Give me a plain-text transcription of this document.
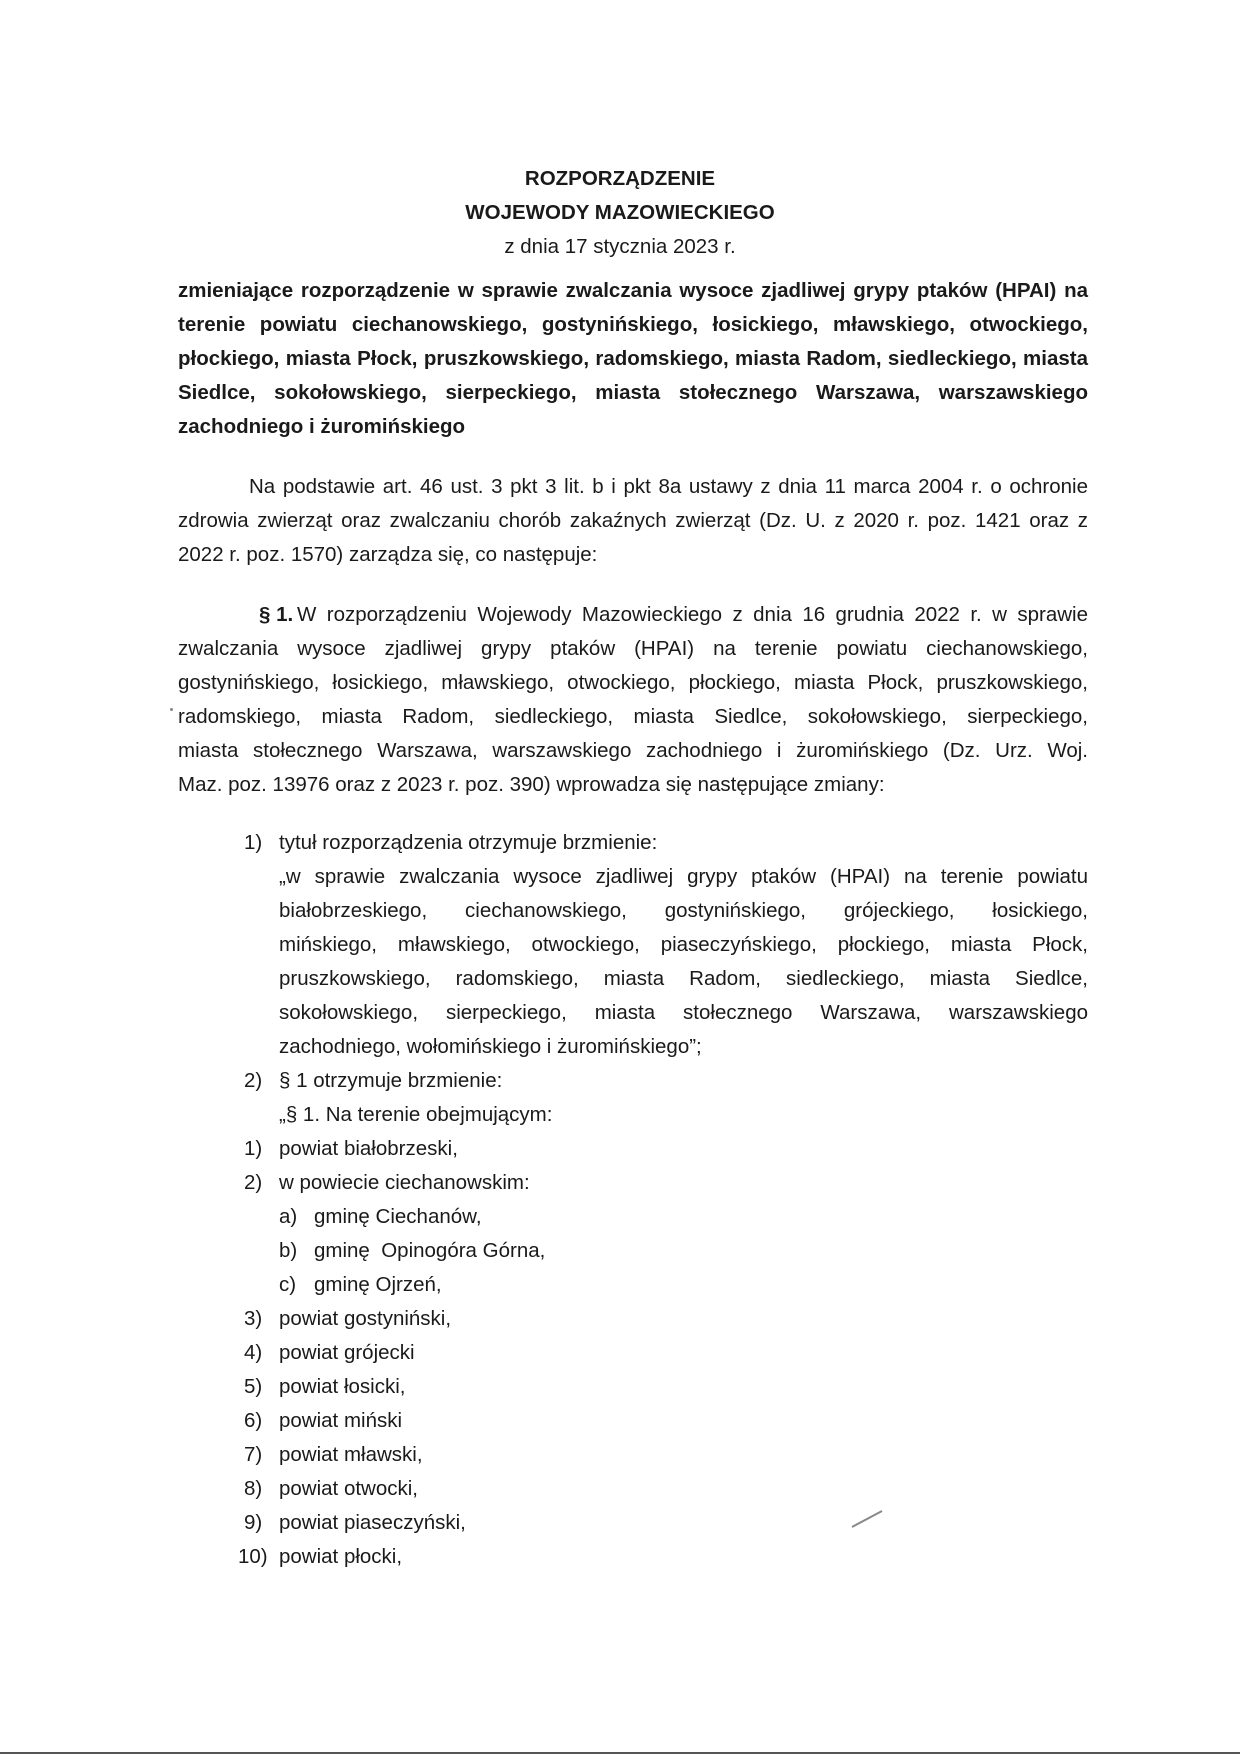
ROZPORZĄDZENIE
WOJEWODY MAZOWIECKIEGO
z dnia 17 stycznia 2023 r.
zmieniające rozporządzenie w sprawie zwalczania wysoce zjadliwej grypy ptaków (HPAI) na
terenie powiatu ciechanowskiego, gostynińskiego, łosickiego, mławskiego, otwockiego,
płockiego, miasta Płock, pruszkowskiego, radomskiego, miasta Radom, siedleckiego, miasta
Siedlce, sokołowskiego, sierpeckiego, miasta stołecznego Warszawa, warszawskiego
zachodniego i żuromińskiego
Na podstawie art. 46 ust. 3 pkt 3 lit. b i pkt 8a ustawy z dnia 11 marca 2004 r. o ochronie
zdrowia zwierząt oraz zwalczaniu chorób zakaźnych zwierząt (Dz. U. z 2020 r. poz. 1421 oraz z
2022 r. poz. 1570) zarządza się, co następuje:
§ 1. W rozporządzeniu Wojewody Mazowieckiego z dnia 16 grudnia 2022 r. w sprawie
zwalczania wysoce zjadliwej grypy ptaków (HPAI) na terenie powiatu ciechanowskiego,
gostynińskiego, łosickiego, mławskiego, otwockiego, płockiego, miasta Płock, pruszkowskiego,
radomskiego, miasta Radom, siedleckiego, miasta Siedlce, sokołowskiego, sierpeckiego,
miasta stołecznego Warszawa, warszawskiego zachodniego i żuromińskiego (Dz. Urz. Woj.
Maz. poz. 13976 oraz z 2023 r. poz. 390) wprowadza się następujące zmiany:
1) tytuł rozporządzenia otrzymuje brzmienie:
„w sprawie zwalczania wysoce zjadliwej grypy ptaków (HPAI) na terenie powiatu
białobrzeskiego, ciechanowskiego, gostynińskiego, grójeckiego, łosickiego,
mińskiego, mławskiego, otwockiego, piaseczyńskiego, płockiego, miasta Płock,
pruszkowskiego, radomskiego, miasta Radom, siedleckiego, miasta Siedlce,
sokołowskiego, sierpeckiego, miasta stołecznego Warszawa, warszawskiego
zachodniego, wołomińskiego i żuromińskiego”;
2) § 1 otrzymuje brzmienie:
„§ 1. Na terenie obejmującym:
1) powiat białobrzeski,
2) w powiecie ciechanowskim:
a) gminę Ciechanów,
b) gminę  Opinogóra Górna,
c) gminę Ojrzeń,
3) powiat gostyniński,
4) powiat grójecki
5) powiat łosicki,
6) powiat miński
7) powiat mławski,
8) powiat otwocki,
9) powiat piaseczyński,
10) powiat płocki,
